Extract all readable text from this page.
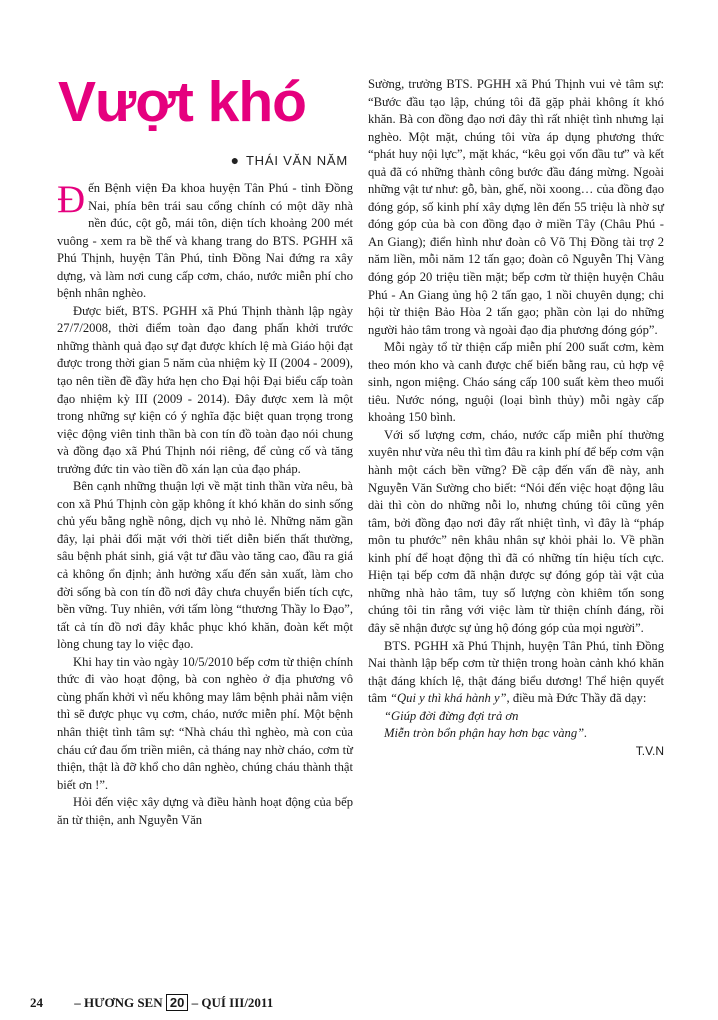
Vượt khó
● THÁI VĂN NĂM

Đến Bệnh viện Đa khoa huyện Tân Phú - tỉnh Đồng Nai, phía bên trái sau cổng chính có một dãy nhà nền đúc, cột gỗ, mái tôn, diện tích khoảng 200 mét vuông - xem ra bề thế và khang trang do BTS. PGHH xã Phú Thịnh, huyện Tân Phú, tỉnh Đồng Nai đứng ra xây dựng, và làm nơi cung cấp cơm, cháo, nước miễn phí cho bệnh nhân nghèo.

Được biết, BTS. PGHH xã Phú Thịnh thành lập ngày 27/7/2008, thời điểm toàn đạo đang phấn khởi trước những thành quả đạo sự đạt được khích lệ mà Giáo hội đạt được trong thời gian 5 năm của nhiệm kỳ II (2004 - 2009), tạo nên tiền đề đầy hứa hẹn cho Đại hội Đại biểu cấp toàn đạo nhiệm kỳ III (2009 - 2014). Đây được xem là một trong những sự kiện có ý nghĩa đặc biệt quan trọng trong việc động viên tinh thần bà con tín đồ toàn đạo nói chung và đồng đạo xã Phú Thịnh nói riêng, để củng cố và tăng trưởng đức tin vào tiền đồ xán lạn của đạo pháp.

Bên cạnh những thuận lợi về mặt tinh thần vừa nêu, bà con xã Phú Thịnh còn gặp không ít khó khăn do sinh sống chủ yếu bằng nghề nông, dịch vụ nhỏ lẻ. Những năm gần đây, lại phải đối mặt với thời tiết diễn biến thất thường, sâu bệnh phát sinh, giá vật tư đầu vào tăng cao, đầu ra giá cả không ổn định; ảnh hưởng xấu đến sản xuất, làm cho đời sống bà con tín đồ nơi đây chưa chuyển biến tích cực, bền vững. Tuy nhiên, với tấm lòng “thương Thầy lo Đạo”, tất cả tín đồ nơi đây khắc phục khó khăn, đoàn kết một lòng chung tay lo việc đạo.

Khi hay tin vào ngày 10/5/2010 bếp cơm từ thiện chính thức đi vào hoạt động, bà con nghèo ở địa phương vô cùng phấn khởi vì nếu không may lâm bệnh phải nằm viện thì sẽ được phục vụ cơm, cháo, nước miễn phí. Một bệnh nhân thiệt tình tâm sự: “Nhà cháu thì nghèo, mà con của cháu cứ đau ốm triền miên, cả tháng nay nhờ cháo, cơm từ thiện, thật là đỡ khổ cho dân nghèo, chúng cháu thành thật biết ơn !”.

Hỏi đến việc xây dựng và điều hành hoạt động của bếp ăn từ thiện, anh Nguyễn Văn

Sường, trưởng BTS. PGHH xã Phú Thịnh vui vẻ tâm sự: “Bước đầu tạo lập, chúng tôi đã gặp phải không ít khó khăn. Bà con đồng đạo nơi đây thì rất nhiệt tình nhưng lại nghèo. Một mặt, chúng tôi vừa áp dụng phương thức “phát huy nội lực”, mặt khác, “kêu gọi vốn đầu tư” và kết quả đã có những thành công bước đầu đáng mừng. Ngoài những vật tư như: gỗ, bàn, ghế, nồi xoong… của đồng đạo đóng góp, số kinh phí xây dựng lên đến 55 triệu là nhờ sự đóng góp của bà con đồng đạo ở miền Tây (Châu Phú - An Giang); điển hình như đoàn cô Võ Thị Đồng tài trợ 2 năm liền, mỗi năm 12 tấn gạo; đoàn cô Nguyễn Thị Vàng đóng góp 20 triệu tiền mặt; bếp cơm từ thiện huyện Châu Phú - An Giang ủng hộ 2 tấn gạo, 1 nồi chuyên dụng; chi hội từ thiện Bảo Hòa 2 tấn gạo; phần còn lại do những người hảo tâm trong và ngoài đạo địa phương đóng góp”.

Mỗi ngày tổ từ thiện cấp miễn phí 200 suất cơm, kèm theo món kho và canh được chế biến bằng rau, củ hợp vệ sinh, ngon miệng. Cháo sáng cấp 100 suất kèm theo muối tiêu. Nước nóng, nguội (loại bình thủy) mỗi ngày cấp khoảng 150 bình.

Với số lượng cơm, cháo, nước cấp miễn phí thường xuyên như vừa nêu thì tìm đâu ra kinh phí để bếp cơm vận hành một cách bền vững? Đề cập đến vấn đề này, anh Nguyễn Văn Sường cho biết: “Nói đến việc hoạt động lâu dài thì còn do những nỗi lo, nhưng chúng tôi cũng yên tâm, bởi đồng đạo nơi đây rất nhiệt tình, vì đây là “pháp môn tu phước” nên khâu nhân sự khỏi phải lo. Về phần kinh phí để hoạt động thì đã có những tín hiệu tích cực. Hiện tại bếp cơm đã nhận được sự đóng góp tài vật của những nhà hảo tâm, tuy số lượng còn khiêm tốn song chúng tôi tin rằng với việc làm từ thiện chính đáng, rồi đây sẽ nhận được sự ủng hộ đóng góp của mọi người”.

BTS. PGHH xã Phú Thịnh, huyện Tân Phú, tỉnh Đồng Nai thành lập bếp cơm từ thiện trong hoàn cảnh khó khăn thật đáng khích lệ, thật đáng biểu dương! Thể hiện quyết tâm “Qui y thì khá hành y”, điều mà Đức Thầy đã dạy:

“Giúp đời đừng đợi trả ơn

Miễn tròn bổn phận hay hơn bạc vàng”.

T.V.N

24 – HƯƠNG SEN 20 – QUÍ III/2011
